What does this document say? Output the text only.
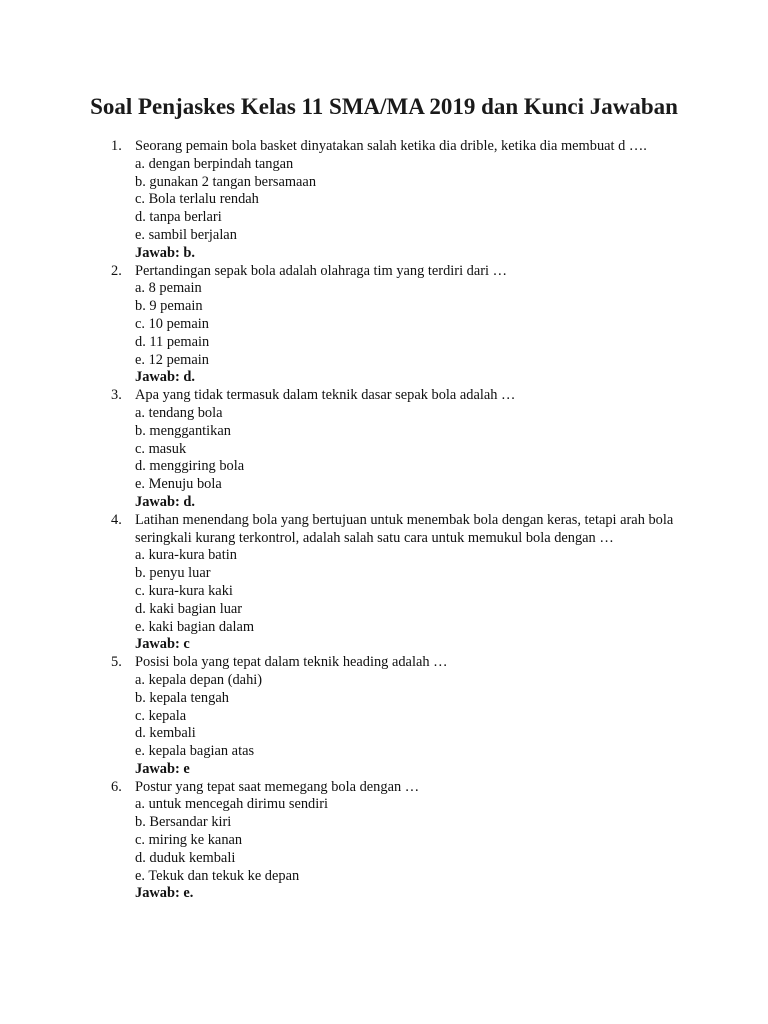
Soal Penjaskes Kelas 11 SMA/MA 2019 dan Kunci Jawaban
1. Seorang pemain bola basket dinyatakan salah ketika dia drible, ketika dia membuat d ….
a. dengan berpindah tangan
b. gunakan 2 tangan bersamaan
c. Bola terlalu rendah
d. tanpa berlari
e. sambil berjalan
Jawab: b.
2. Pertandingan sepak bola adalah olahraga tim yang terdiri dari …
a. 8 pemain
b. 9 pemain
c. 10 pemain
d. 11 pemain
e. 12 pemain
Jawab: d.
3. Apa yang tidak termasuk dalam teknik dasar sepak bola adalah …
a. tendang bola
b. menggantikan
c. masuk
d. menggiring bola
e. Menuju bola
Jawab: d.
4. Latihan menendang bola yang bertujuan untuk menembak bola dengan keras, tetapi arah bola seringkali kurang terkontrol, adalah salah satu cara untuk memukul bola dengan …
a. kura-kura batin
b. penyu luar
c. kura-kura kaki
d. kaki bagian luar
e. kaki bagian dalam
Jawab: c
5. Posisi bola yang tepat dalam teknik heading adalah …
a. kepala depan (dahi)
b. kepala tengah
c. kepala
d. kembali
e. kepala bagian atas
Jawab: e
6. Postur yang tepat saat memegang bola dengan …
a. untuk mencegah dirimu sendiri
b. Bersandar kiri
c. miring ke kanan
d. duduk kembali
e. Tekuk dan tekuk ke depan
Jawab: e.
